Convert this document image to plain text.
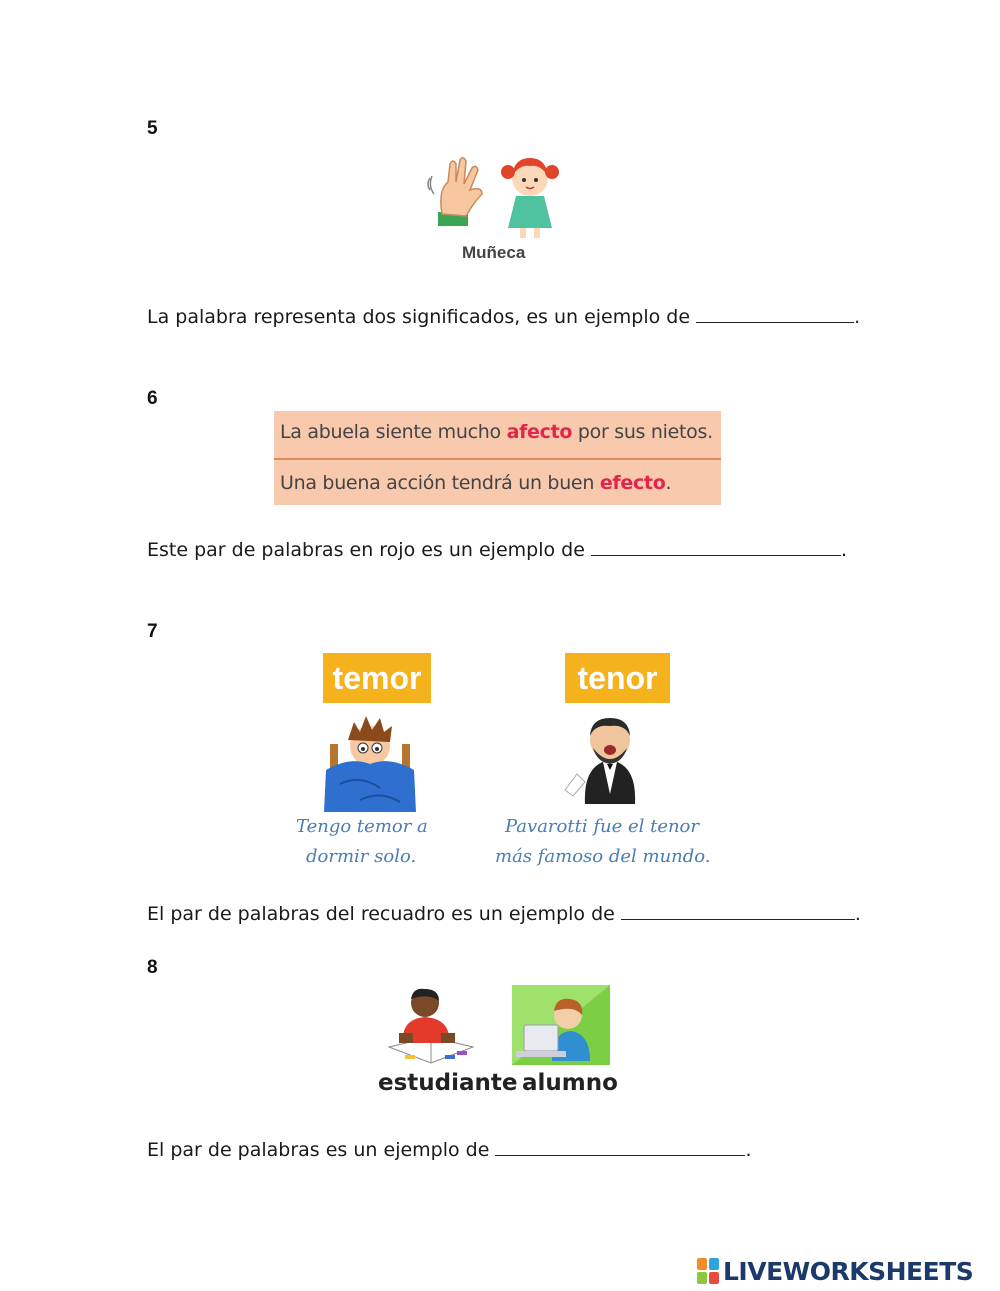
5
Muñeca
La palabra representa dos significados, es un ejemplo de	.
6
La abuela siente mucho afecto por sus nietos.
Una buena acción tendrá un buen efecto.
Este par de palabras en rojo es un ejemplo de	.
7
temor
Tengo temor a
dormir solo.
tenor
Pavarotti fue el tenor
más famoso del mundo.
El par de palabras del recuadro es un ejemplo de	.
8
estudiante alumno
El par de palabras es un ejemplo de	.
LIVEWORKSHEETS
